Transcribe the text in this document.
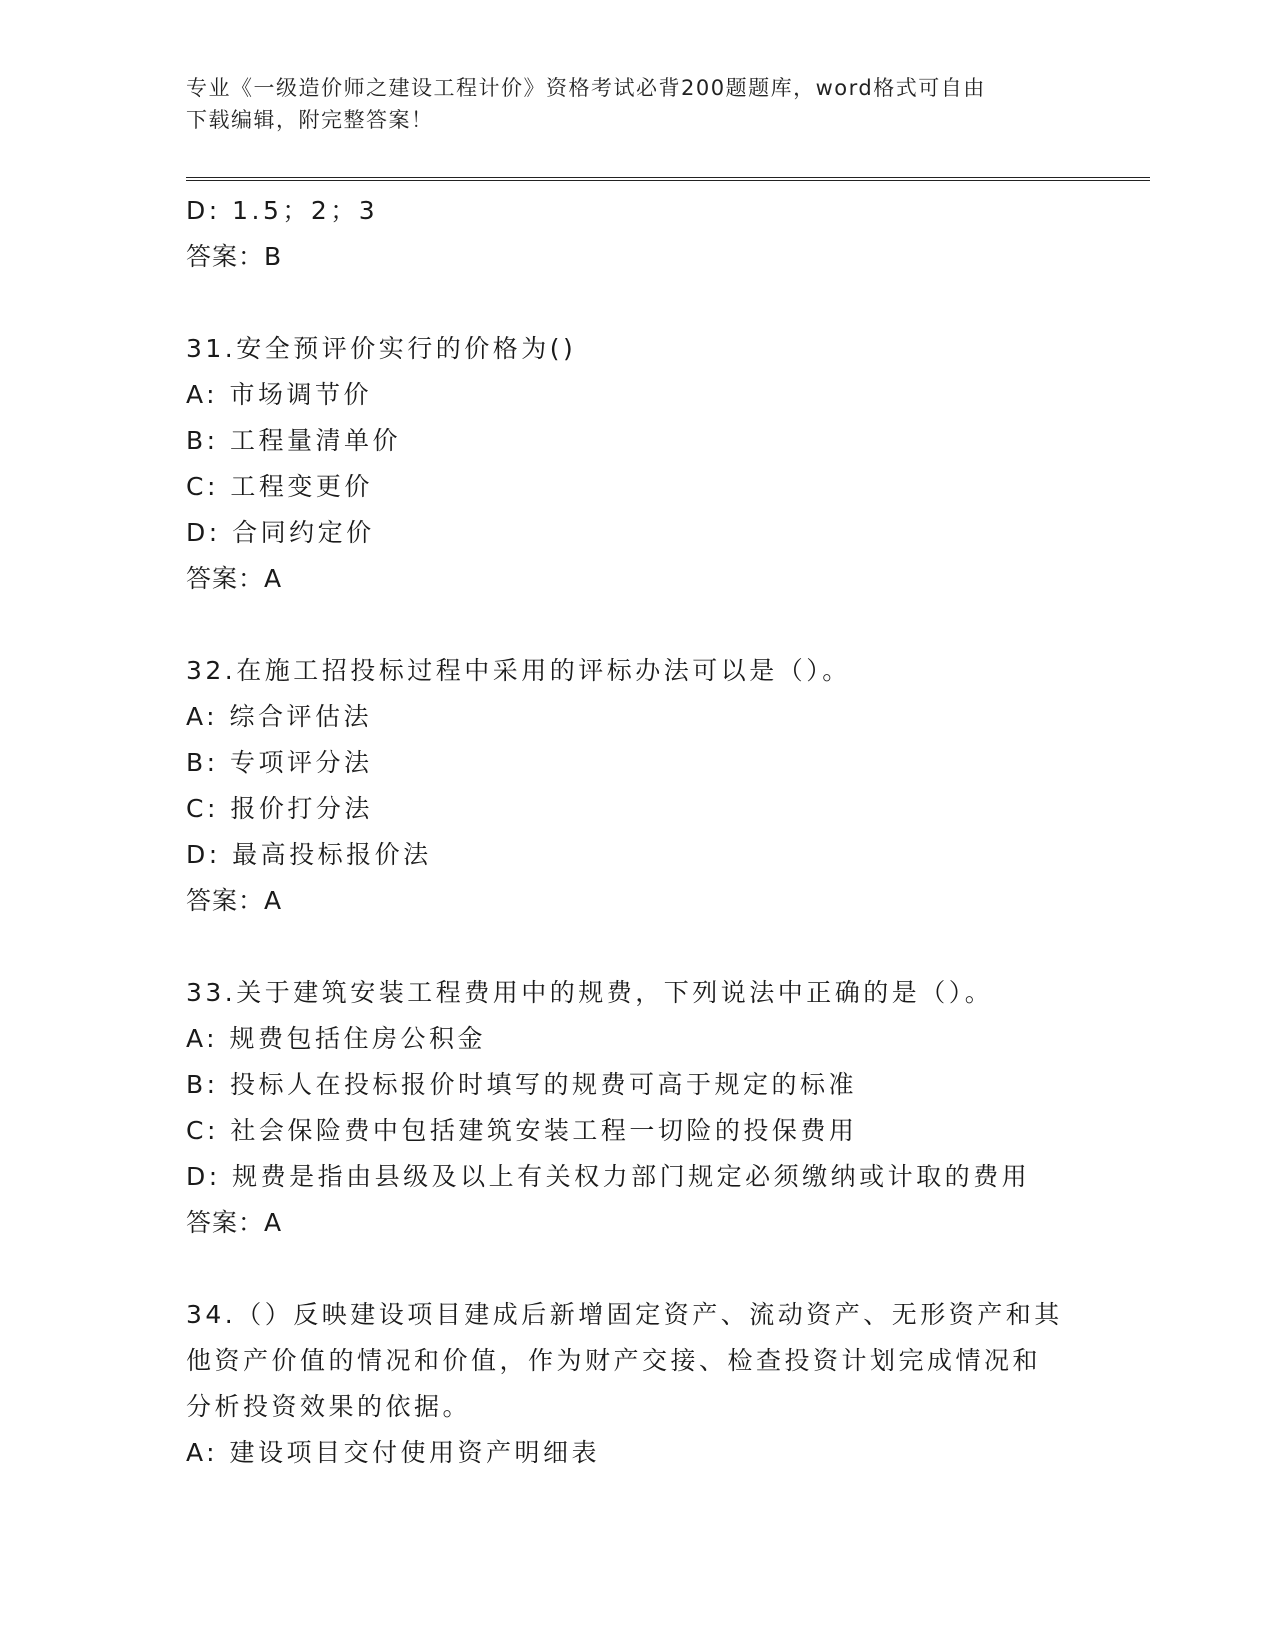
专业《一级造价师之建设工程计价》资格考试必背200题题库，word格式可自由
下载编辑，附完整答案！
D: 1.5；2；3
答案：B
31.安全预评价实行的价格为()
A: 市场调节价
B: 工程量清单价
C: 工程变更价
D: 合同约定价
答案：A
32.在施工招投标过程中采用的评标办法可以是（）。
A: 综合评估法
B: 专项评分法
C: 报价打分法
D: 最高投标报价法
答案：A
33.关于建筑安装工程费用中的规费，下列说法中正确的是（）。
A: 规费包括住房公积金
B: 投标人在投标报价时填写的规费可高于规定的标准
C: 社会保险费中包括建筑安装工程一切险的投保费用
D: 规费是指由县级及以上有关权力部门规定必须缴纳或计取的费用
答案：A
34.（）反映建设项目建成后新增固定资产、流动资产、无形资产和其
他资产价值的情况和价值，作为财产交接、检查投资计划完成情况和
分析投资效果的依据。
A: 建设项目交付使用资产明细表
